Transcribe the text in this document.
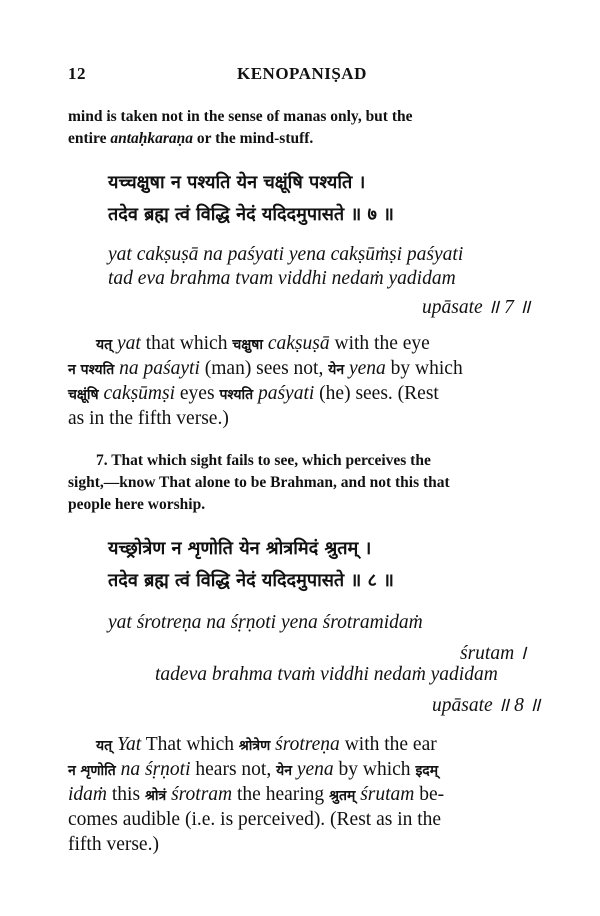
12	KENOPANIṢAD
mind is taken not in the sense of manas only, but the
entire antaḥkaraṇa or the mind-stuff.
यच्चक्षुषा न पश्यति येन चक्षूंषि पश्यति ।
तदेव ब्रह्म त्वं विद्धि नेदं यदिदमुपासते ॥ ७ ॥
yat cakṣuṣā na paśyati yena cakṣūṁṣi paśyati
tad eva brahma tvam viddhi nedaṁ yadidam
upāsate ॥ 7 ॥
यत् yat that which चक्षुषा cakṣuṣā with the eye
न पश्यति na paśayti (man) sees not, येन yena by which
चक्षूंषि cakṣūmṣi eyes पश्यति paśyati (he) sees. (Rest
as in the fifth verse.)
7. That which sight fails to see, which perceives the
sight,—know That alone to be Brahman, and not this that
people here worship.
यच्छ्रोत्रेण न शृणोति येन श्रोत्रमिदं श्रुतम् ।
तदेव ब्रह्म त्वं विद्धि नेदं यदिदमुपासते ॥ ८ ॥
yat śrotreṇa na śṛṇoti yena śrotramidaṁ
śrutam ।
tadeva brahma tvaṁ viddhi nedaṁ yadidam
upāsate ॥ 8 ॥
यत् Yat That which श्रोत्रेण śrotreṇa with the ear
न शृणोति na śṛṇoti hears not, येन yena by which इदम्
idaṁ this श्रोत्रं śrotram the hearing श्रुतम् śrutam be-
comes audible (i.e. is perceived). (Rest as in the
fifth verse.)
